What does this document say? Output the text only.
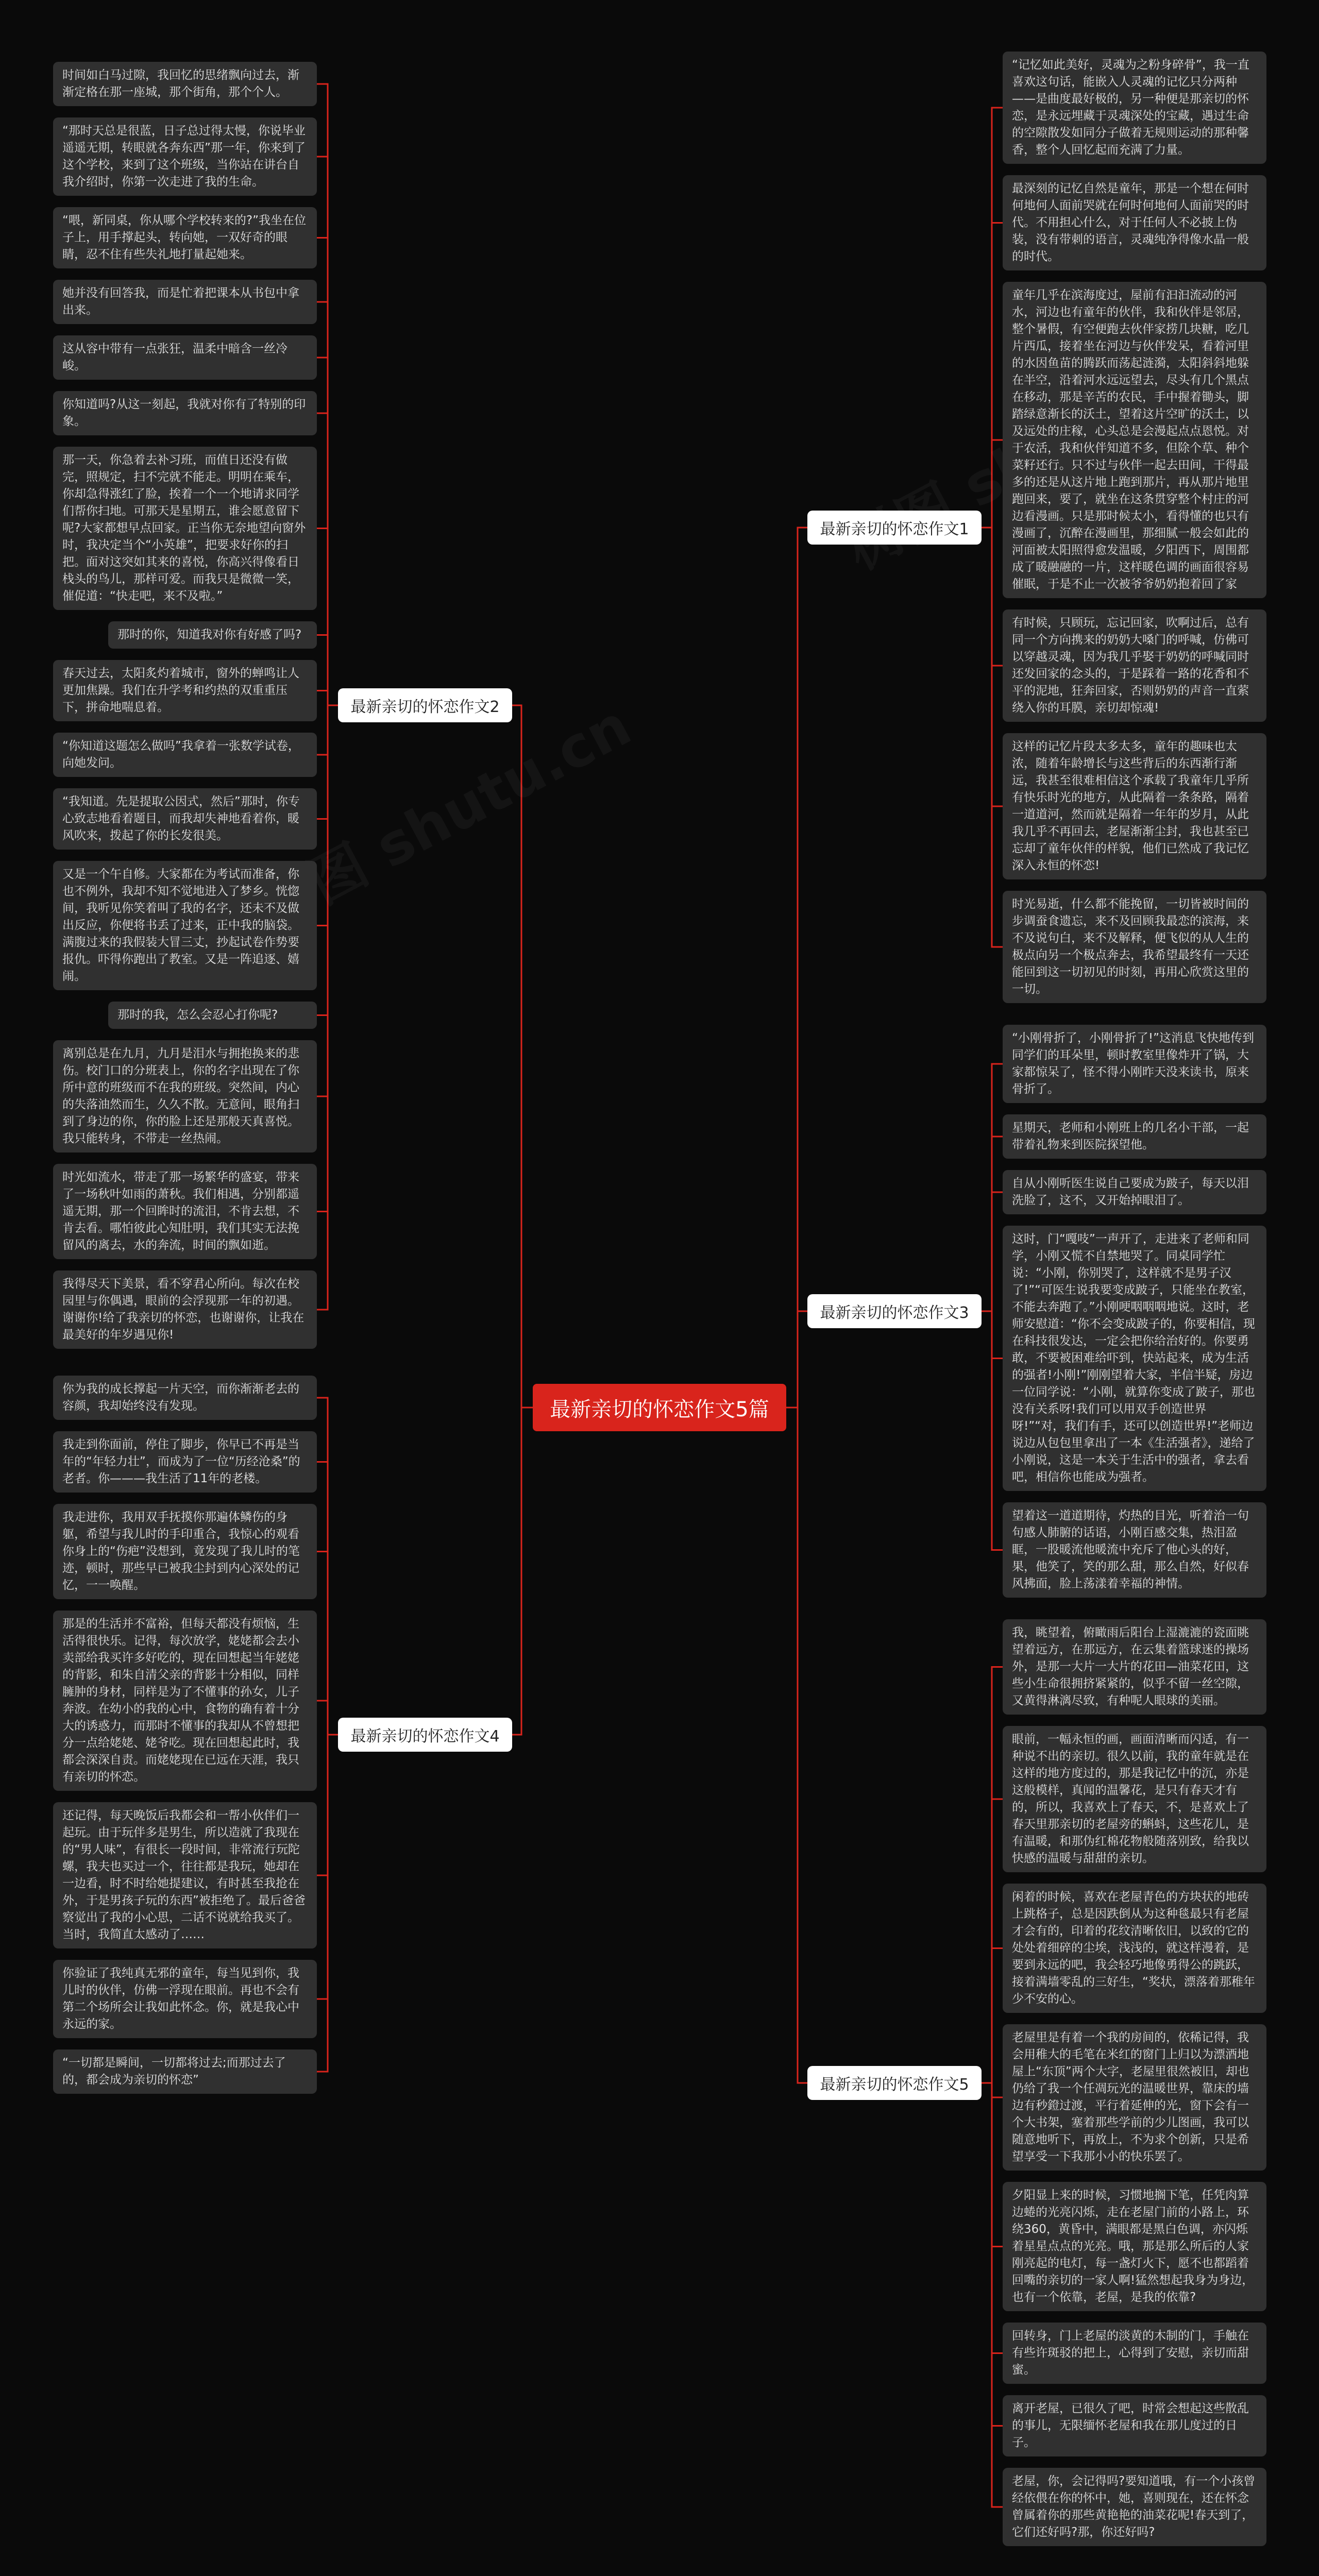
最新亲切的怀恋作文5篇
最新亲切的怀恋作文1
“记忆如此美好，灵魂为之粉身碎骨”，我一直喜欢这句话，能嵌入人灵魂的记忆只分两种——是曲度最好极的，另一种便是那亲切的怀恋，是永远埋藏于灵魂深处的宝藏，遇过生命的空隙散发如同分子做着无规则运动的那种馨香，整个人回忆起而充满了力量。
最深刻的记忆自然是童年，那是一个想在何时何地何人面前哭就在何时何地何人面前哭的时代。不用担心什么，对于任何人不必披上伪装，没有带刺的语言，灵魂纯净得像水晶一般的时代。
童年几乎在滨海度过，屋前有汩汩流动的河水，河边也有童年的伙伴，我和伙伴是邻居，整个暑假，有空便跑去伙伴家捞几块糖，吃几片西瓜，接着坐在河边与伙伴发呆，看着河里的水因鱼苗的腾跃而荡起涟漪，太阳斜斜地躲在半空，沿着河水远远望去，尽头有几个黑点在移动，那是辛苦的农民，手中握着锄头，脚踏绿意渐长的沃土，望着这片空旷的沃土，以及远处的庄稼，心头总是会漫起点点恩悦。对于农活，我和伙伴知道不多，但除个草、种个菜籽还行。只不过与伙伴一起去田间，干得最多的还是从这片地上跑到那片，再从那片地里跑回来，要了，就坐在这条贯穿整个村庄的河边看漫画。只是那时候太小，看得懂的也只有漫画了，沉醉在漫画里，那细腻一般会如此的河面被太阳照得愈发温暖，夕阳西下，周围都成了暖融融的一片，这样暖色调的画面很容易催眠，于是不止一次被爷爷奶奶抱着回了家
有时候，只顾玩，忘记回家，吹啊过后，总有同一个方向携来的奶奶大嗓门的呼喊，仿佛可以穿越灵魂，因为我几乎娶于奶奶的呼喊同时还发回家的念头的，于是踩着一路的花香和不平的泥地，狂奔回家，否则奶奶的声音一直萦绕入你的耳膜，亲切却惊魂!
这样的记忆片段太多太多，童年的趣味也太浓，随着年龄增长与这些背后的东西渐行渐远，我甚至很难相信这个承载了我童年几乎所有快乐时光的地方，从此隔着一条条路，隔着一道道河，然而就是隔着一年年的岁月，从此我几乎不再回去，老屋渐渐尘封，我也甚至已忘却了童年伙伴的样貌，他们已然成了我记忆深入永恒的怀恋!
时光易逝，什么都不能挽留，一切皆被时间的步调蚕食遗忘，来不及回顾我最恋的滨海，来不及说句白，来不及解释，便飞似的从人生的极点向另一个极点奔去，我希望最终有一天还能回到这一切初见的时刻，再用心欣赏这里的一切。
最新亲切的怀恋作文3
“小刚骨折了，小刚骨折了!”这消息飞快地传到同学们的耳朵里，顿时教室里像炸开了锅，大家都惊呆了，怪不得小刚昨天没来读书，原来骨折了。
星期天，老师和小刚班上的几名小干部，一起带着礼物来到医院探望他。
自从小刚听医生说自己要成为跛子，每天以泪洗脸了，这不，又开始掉眼泪了。
这时，门“嘎吱”一声开了，走进来了老师和同学，小刚又慌不自禁地哭了。同桌同学忙说：“小刚，你别哭了，这样就不是男子汉了!”“可医生说我要变成跛子，只能坐在教室，不能去奔跑了。”小刚哽咽咽咽地说。这时，老师安慰道：“你不会变成跛子的，你要相信，现在科技很发达，一定会把你给治好的。你要勇敢，不要被困难给吓到，快站起来，成为生活的强者!小刚!”刚刚望着大家，半信半疑，房边一位同学说：“小刚，就算你变成了跛子，那也没有关系呀!我们可以用双手创造世界呀!”“对，我们有手，还可以创造世界!”老师边说边从包包里拿出了一本《生活强者》，递给了小刚说，这是一本关于生活中的强者，拿去看吧，相信你也能成为强者。
望着这一道道期待，灼热的目光，听着治一句句感人肺腑的话语，小刚百感交集，热泪盈眶，一股暖流他暖流中充斥了他心头的好，果，他笑了，笑的那么甜，那么自然，好似春风拂面，脸上荡漾着幸福的神情。
最新亲切的怀恋作文5
我，眺望着，俯瞰雨后阳台上湿漉漉的瓷面眺望着远方，在那远方，在云集着篮球迷的操场外，是那一大片一大片的花田—油菜花田，这些小生命很拥挤紧紧的，似乎不留一丝空隙，又黄得淋漓尽致，有种呢人眼球的美丽。
眼前，一幅永恒的画，画面清晰而闪适，有一种说不出的亲切。很久以前，我的童年就是在这样的地方度过的，那是我记忆中的沉，亦是这般模样，真闻的温馨花，是只有春天才有的，所以，我喜欢上了春天，不，是喜欢上了春天里那亲切的老屋旁的蝌蚪，这些花儿，是有温暖，和那伪红棉花物般随落别致，给我以快感的温暖与甜甜的亲切。
闲着的时候，喜欢在老屋青色的方块状的地砖上跳格子，总是因跌倒从为这种毯最只有老屋才会有的，印着的花纹清晰依旧，以致的它的处处着细碎的尘埃，浅浅的，就这样漫着，是要到永远的吧，我会轻巧地像勇得公的跳跃，接着满墙零乱的三好生，“奖状，漂落着那稚年少不安的心。
老屋里是有着一个我的房间的，依稀记得，我会用稚大的毛笔在米红的窗门上归以为漂酒地屋上“东顶”两个大字，老屋里很然被旧，却也仍给了我一个任凋玩光的温暖世界，靠床的墙边有秒鐙过渡，平行着延伸的光，窗下会有一个大书架，塞着那些学前的少儿图画，我可以随意地听下，再放上，不为求个创新，只是希望享受一下我那小小的快乐罢了。
夕阳显上来的时候，习惯地搁下笔，任凭肉算边蜷的光亮闪烁，走在老屋门前的小路上，环绕360，黄昏中，满眼都是黑白色调，亦闪烁着星星点点的光亮。哦，那是那么所后的人家刚亮起的电灯，每一盏灯火下，愿不也都蹈着回嘴的亲切的一家人啊!猛然想起我身为身边，也有一个依靠，老屋，是我的依靠?
回转身，门上老屋的淡黄的木制的门，手触在有些许斑驳的把上，心得到了安慰，亲切而甜蜜。
离开老屋，已很久了吧，时常会想起这些散乱的事儿，无限缅怀老屋和我在那儿度过的日子。
老屋，你，会记得吗?要知道哦，有一个小孩曾经依偎在你的怀中，她，喜则现在，还在怀念曾属着你的那些黄艳艳的油菜花呢!春天到了，它们还好吗?那，你还好吗?
最新亲切的怀恋作文2
时间如白马过隙，我回忆的思绪飘向过去，渐渐定格在那一座城，那个街角，那个个人。
“那时天总是很蓝，日子总过得太慢，你说毕业遥遥无期，转眼就各奔东西”那一年，你来到了这个学校，来到了这个班级，当你站在讲台自我介绍时，你第一次走进了我的生命。
“喂，新同桌，你从哪个学校转来的?”我坐在位子上，用手撑起头，转向她，一双好奇的眼睛，忍不住有些失礼地打量起她来。
她并没有回答我，而是忙着把课本从书包中拿出来。
这从容中带有一点张狂，温柔中暗含一丝冷峻。
你知道吗?从这一刻起，我就对你有了特别的印象。
那一天，你急着去补习班，而值日还没有做完，照规定，扫不完就不能走。明明在乘车，你却急得涨红了脸，挨着一个一个地请求同学们帮你扫地。可那天是星期五，谁会愿意留下呢?大家都想早点回家。正当你无奈地望向窗外时，我决定当个“小英雄”，把要求好你的扫把。面对这突如其来的喜悦，你高兴得像看日栈头的鸟儿，那样可爱。而我只是微微一笑，催促道：“快走吧，来不及啦。”
那时的你，知道我对你有好感了吗?
春天过去，太阳炙灼着城市，窗外的蝉鸣让人更加焦躁。我们在升学考和约热的双重重压下，拼命地喘息着。
“你知道这题怎么做吗”我拿着一张数学试卷，向她发问。
“我知道。先是提取公因式，然后”那时，你专心致志地看着题目，而我却失神地看着你，暖风吹来，拨起了你的长发很美。
又是一个午自修。大家都在为考试而准备，你也不例外，我却不知不觉地进入了梦乡。恍惚间，我听见你笑着叫了我的名字，还未不及做出反应，你便将书丢了过来，正中我的脑袋。满腹过来的我假装大冒三丈，抄起试卷作势要报仇。吓得你跑出了教室。又是一阵追逐、嬉闹。
那时的我，怎么会忍心打你呢?
离别总是在九月，九月是泪水与拥抱换来的悲伤。校门口的分班表上，你的名字出现在了你所中意的班级而不在我的班级。突然间，内心的失落油然而生，久久不散。无意间，眼角扫到了身边的你，你的脸上还是那般天真喜悦。我只能转身，不带走一丝热闹。
时光如流水，带走了那一场繁华的盛宴，带来了一场秋叶如雨的萧秋。我们相遇，分别都遥遥无期，那一个回眸时的流泪，不肯去想，不肯去看。哪怕彼此心知肚明，我们其实无法挽留风的离去，水的奔流，时间的飘如逝。
我得尽天下美景，看不穿君心所向。每次在校园里与你偶遇，眼前的会浮现那一年的初遇。谢谢你!给了我亲切的怀恋，也谢谢你，让我在最美好的年岁遇见你!
最新亲切的怀恋作文4
你为我的成长撑起一片天空，而你渐渐老去的容颜，我却始终没有发现。
我走到你面前，停住了脚步，你早已不再是当年的“年轻力壮”，而成为了一位“历经沧桑”的老者。你———我生活了11年的老楼。
我走进你，我用双手抚摸你那遍体鳞伤的身躯，希望与我儿时的手印重合，我惊心的观看你身上的“伤疤”没想到，竟发现了我儿时的笔迹，顿时，那些早已被我尘封到内心深处的记忆，一一唤醒。
那是的生活并不富裕，但每天都没有烦恼，生活得很快乐。记得，每次放学，姥姥都会去小卖部给我买许多好吃的，现在回想起当年姥姥的背影，和朱自清父亲的背影十分相似，同样臃肿的身材，同样是为了不懂事的孙女，儿子奔波。在幼小的我的心中，食物的确有着十分大的诱惑力，而那时不懂事的我却从不曾想把分一点给姥姥、姥爷吃。现在回想起此时，我都会深深自责。而姥姥现在已远在天涯，我只有亲切的怀恋。
还记得，每天晚饭后我都会和一帮小伙伴们一起玩。由于玩伴多是男生，所以造就了我现在的“男人味”，有很长一段时间，非常流行玩陀螺，我夫也买过一个，往往都是我玩，她却在一边看，时不时给她提建议，有时甚至我抢在外，于是男孩子玩的东西”被拒绝了。最后爸爸察觉出了我的小心思，二话不说就给我买了。当时，我简直太感动了……
你验证了我纯真无邪的童年，每当见到你，我儿时的伙伴，仿佛一浮现在眼前。再也不会有第二个场所会让我如此怀念。你，就是我心中永远的家。
“一切都是瞬间，一切都将过去;而那过去了的，都会成为亲切的怀恋”
